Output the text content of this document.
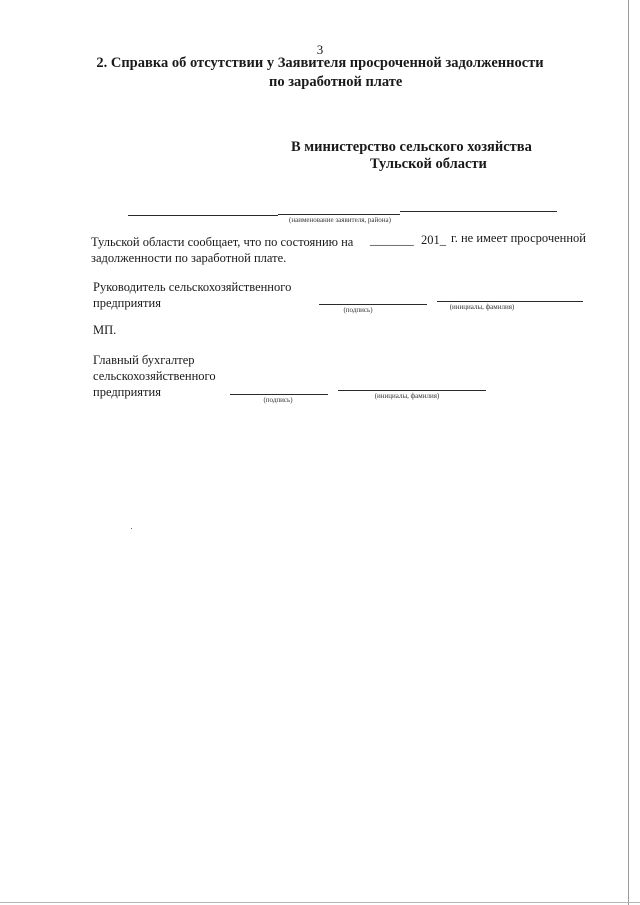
3
2. Справка об отсутствии у Заявителя просроченной задолженности
по заработной плате
В министерство сельского хозяйства
Тульской области
(наименование заявителя, района)
Тульской области сообщает, что по состоянию на _______ 201_ г. не имеет просроченной
задолженности по заработной плате.
Руководитель сельскохозяйственного
предприятия	(подпись)	(инициалы, фамилия)
МП.
Главный бухгалтер
сельскохозяйственного
предприятия
(подпись)	(инициалы, фамилия)
